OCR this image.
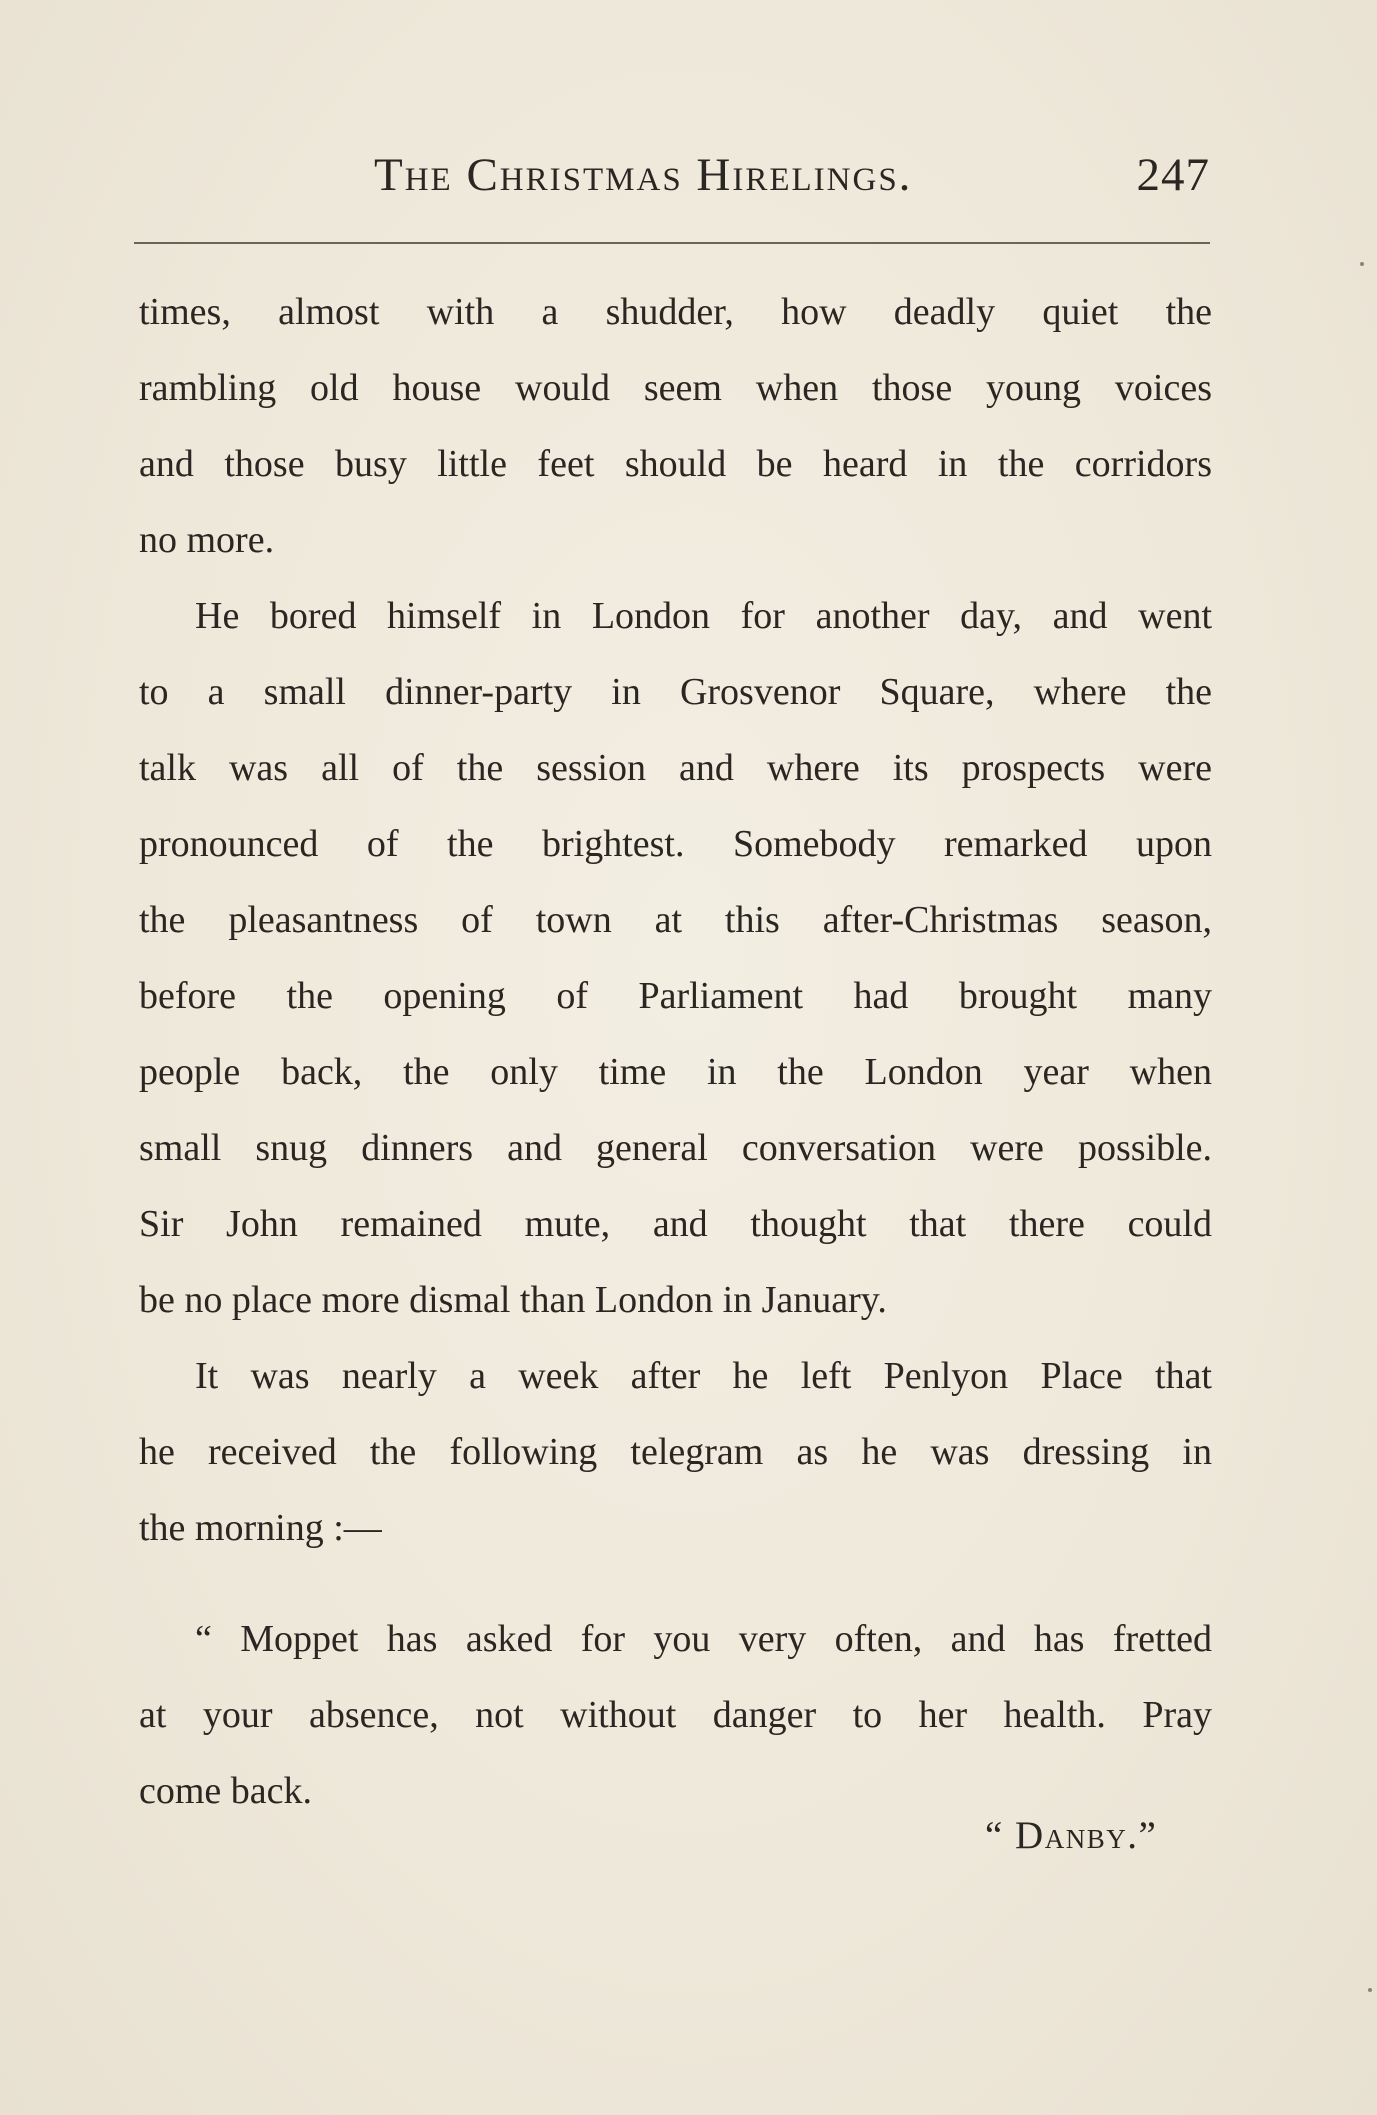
The Christmas Hirelings.	247
times, almost with a shudder, how deadly quiet the
rambling old house would seem when those young voices
and those busy little feet should be heard in the corridors
no more.
He bored himself in London for another day, and went
to a small dinner-party in Grosvenor Square, where the
talk was all of the session and where its prospects were
pronounced of the brightest. Somebody remarked upon
the pleasantness of town at this after-Christmas season,
before the opening of Parliament had brought many
people back, the only time in the London year when
small snug dinners and general conversation were possible.
Sir John remained mute, and thought that there could
be no place more dismal than London in January.
It was nearly a week after he left Penlyon Place that
he received the following telegram as he was dressing in
the morning :—
“ Moppet has asked for you very often, and has fretted
at your absence, not without danger to her health. Pray
come back.
“ Danby.”
